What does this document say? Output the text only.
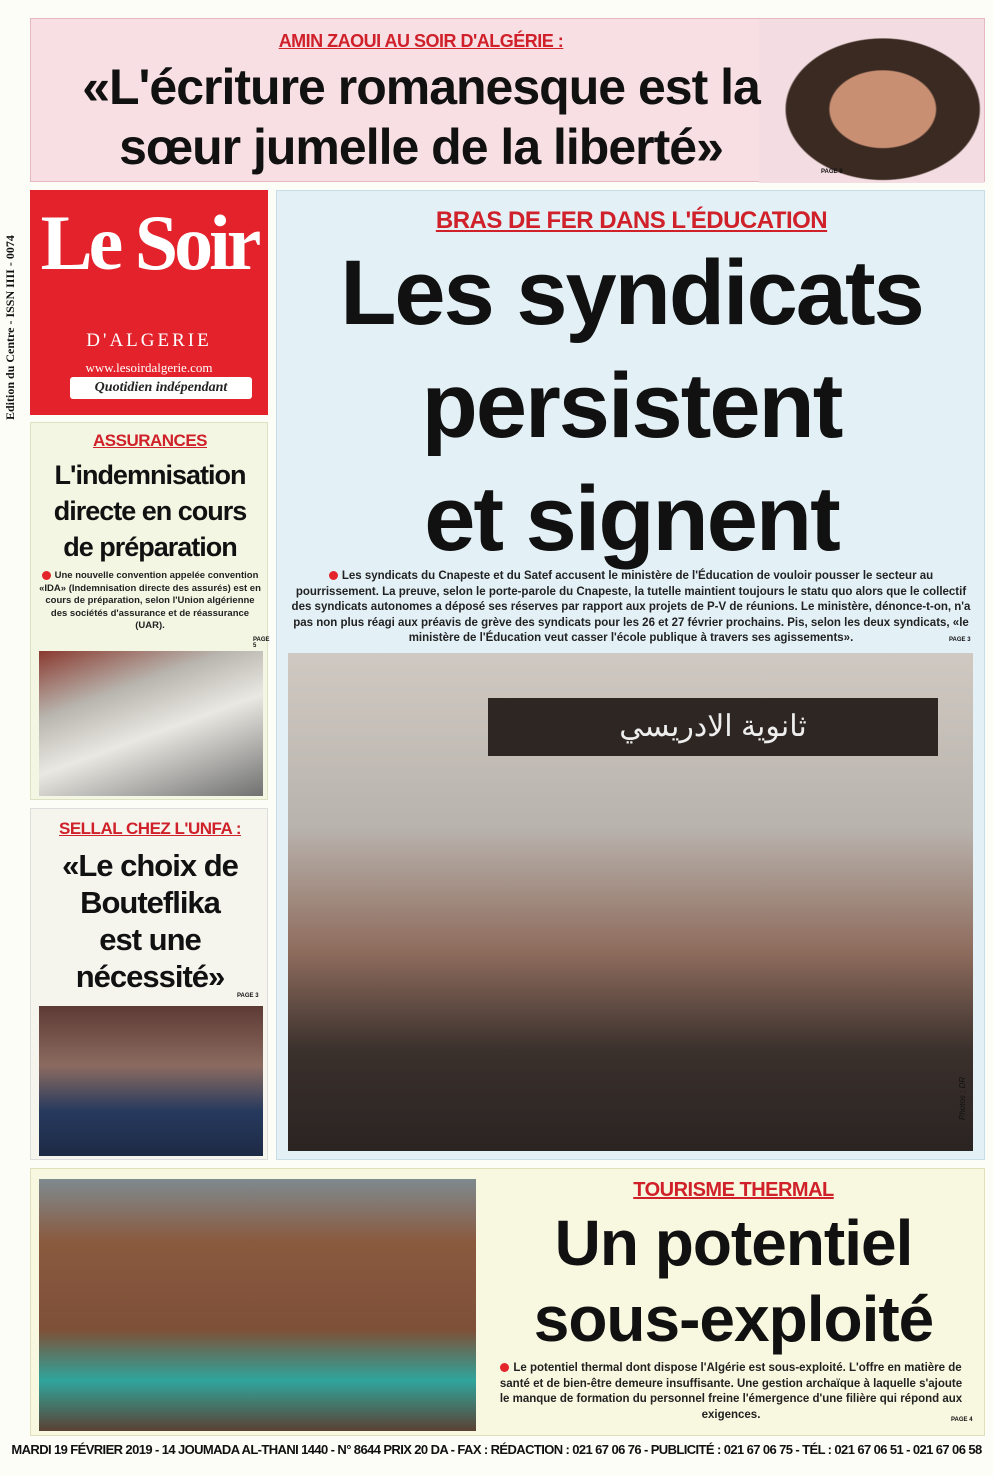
AMIN ZAOUI AU SOIR D'ALGÉRIE :
«L'écriture romanesque est la
sœur jumelle de la liberté»	PAGE 9
Edition du Centre - ISSN IIII - 0074 Le Soir
D'ALGERIE
www.lesoirdalgerie.com
Quotidien indépendant
BRAS DE FER DANS L'ÉDUCATION
Les syndicats
persistent
et signent
Les syndicats du Cnapeste et du Satef accusent le ministère de l'Éducation de vouloir pousser le secteur au pourrissement. La preuve, selon le porte-parole du Cnapeste, la tutelle maintient toujours le statu quo alors que le collectif des syndicats autonomes a déposé ses réserves par rapport aux projets de P-V de réunions. Le ministère, dénonce-t-on, n'a pas non plus réagi aux préavis de grève des syndicats pour les 26 et 27 février prochains. Pis, selon les deux syndicats, «le ministère de l'Éducation veut casser l'école publique à travers ses agissements».	PAGE 3
ثانوية الادريسي
Photos : DR
ASSURANCES
L'indemnisation
directe en cours
de préparation
Une nouvelle convention appelée convention «IDA» (Indemnisation directe des assurés) est en cours de préparation, selon l'Union algérienne des sociétés d'assurance et de réassurance (UAR).
PAGE 5
SELLAL CHEZ L'UNFA :
«Le choix de
Bouteflika
est une
nécessité»
PAGE 3
TOURISME THERMAL
Un potentiel
sous-exploité
Le potentiel thermal dont dispose l'Algérie est sous-exploité. L'offre en matière de santé et de bien-être demeure insuffisante. Une gestion archaïque à laquelle s'ajoute le manque de formation du personnel freine l'émergence d'une filière qui répond aux exigences.	PAGE 4
MARDI 19 FÉVRIER 2019 - 14 JOUMADA AL-THANI 1440 - N° 8644 PRIX 20 DA - FAX : RÉDACTION : 021 67 06 76 - PUBLICITÉ : 021 67 06 75 - TÉL : 021 67 06 51 - 021 67 06 58
